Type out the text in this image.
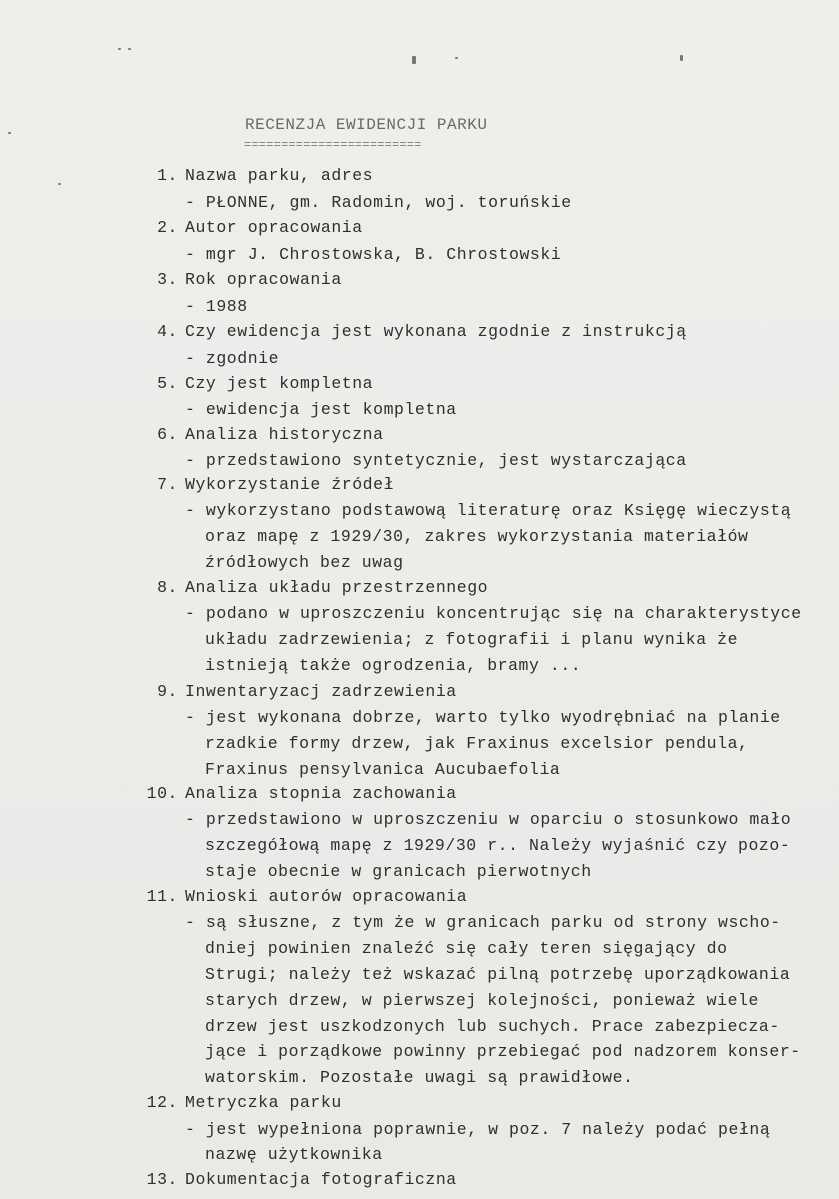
RECENZJA EWIDENCJI PARKU
========================
1. Nazwa parku, adres
- PŁONNE, gm. Radomin, woj. toruńskie
2. Autor opracowania
- mgr J. Chrostowska, B. Chrostowski
3. Rok opracowania
- 1988
4. Czy ewidencja jest wykonana zgodnie z instrukcją
- zgodnie
5. Czy jest kompletna
- ewidencja jest kompletna
6. Analiza historyczna
- przedstawiono syntetycznie, jest wystarczająca
7. Wykorzystanie źródeł
- wykorzystano podstawową literaturę oraz Księgę wieczystą
oraz mapę z 1929/30, zakres wykorzystania materiałów
źródłowych bez uwag
8. Analiza układu przestrzennego
- podano w uproszczeniu koncentrując się na charakterystyce
układu zadrzewienia; z fotografii i planu wynika że
istnieją także ogrodzenia, bramy ...
9. Inwentaryzacj zadrzewienia
- jest wykonana dobrze, warto tylko wyodrębniać na planie
rzadkie formy drzew, jak Fraxinus excelsior pendula,
Fraxinus pensylvanica Aucubaefolia
10. Analiza stopnia zachowania
- przedstawiono w uproszczeniu w oparciu o stosunkowo mało
szczegółową mapę z 1929/30 r.. Należy wyjaśnić czy pozo-
staje obecnie w granicach pierwotnych
11. Wnioski autorów opracowania
- są słuszne, z tym że w granicach parku od strony wscho-
dniej powinien znaleźć się cały teren sięgający do
Strugi; należy też wskazać pilną potrzebę uporządkowania
starych drzew, w pierwszej kolejności, ponieważ wiele
drzew jest uszkodzonych lub suchych. Prace zabezpiecza-
jące i porządkowe powinny przebiegać pod nadzorem konser-
watorskim. Pozostałe uwagi są prawidłowe.
12. Metryczka parku
- jest wypełniona poprawnie, w poz. 7 należy podać pełną
nazwę użytkownika
13. Dokumentacja fotograficzna
